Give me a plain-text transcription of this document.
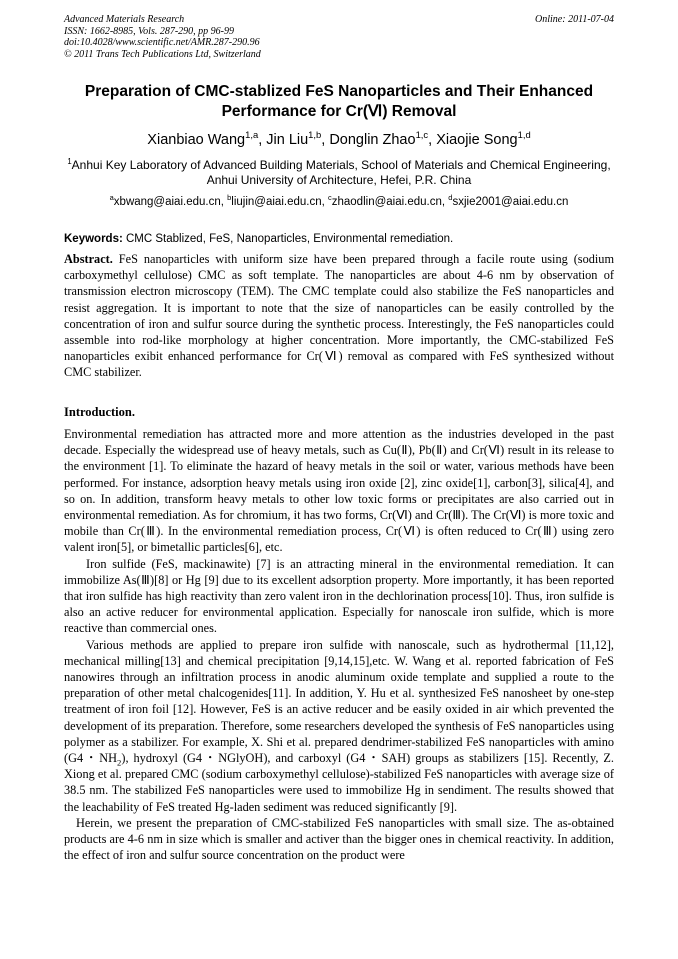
Advanced Materials Research
ISSN: 1662-8985, Vols. 287-290, pp 96-99
doi:10.4028/www.scientific.net/AMR.287-290.96
© 2011 Trans Tech Publications Ltd, Switzerland
Online: 2011-07-04
Preparation of CMC-stablized FeS Nanoparticles and Their Enhanced
Performance for Cr(Ⅵ) Removal
Xianbiao Wang$^{1,a}$, Jin Liu$^{1,b}$, Donglin Zhao$^{1,c}$, Xiaojie Song$^{1,d}$
$^1$Anhui Key Laboratory of Advanced Building Materials, School of Materials and Chemical Engineering, Anhui University of Architecture, Hefei, P.R. China
$^a$xbwang@aiai.edu.cn, $^b$liujin@aiai.edu.cn, $^c$zhaodlin@aiai.edu.cn, $^d$sxjie2001@aiai.edu.cn
Keywords: CMC Stablized, FeS, Nanoparticles, Environmental remediation.
Abstract. FeS nanoparticles with uniform size have been prepared through a facile route using (sodium carboxymethyl cellulose) CMC as soft template. The nanoparticles are about 4-6 nm by observation of transmission electron microscopy (TEM). The CMC template could also stabilize the FeS nanoparticles and resist aggregation. It is important to note that the size of nanoparticles can be easily controlled by the concentration of iron and sulfur source during the synthetic process. Interestingly, the FeS nanoparticles could assemble into rod-like morphology at higher concentration. More importantly, the CMC-stabilized FeS nanoparticles exibit enhanced performance for Cr(Ⅵ) removal as compared with FeS synthesized without CMC stabilizer.
Introduction.

Environmental remediation has attracted more and more attention as the industries developed in the past decade. Especially the widespread use of heavy metals, such as Cu(Ⅱ), Pb(Ⅱ) and Cr(Ⅵ) result in its release to the environment [1]. To eliminate the hazard of heavy metals in the soil or water, various methods have been performed. For instance, adsorption heavy metals using iron oxide [2], zinc oxide[1], carbon[3], silica[4], and so on. In addition, transform heavy metals to other low toxic forms or precipitates are also carried out in environmental remediation. As for chromium, it has two forms, Cr(Ⅵ) and Cr(Ⅲ). The Cr(Ⅵ) is more toxic and mobile than Cr(Ⅲ). In the environmental remediation process, Cr(Ⅵ) is often reduced to Cr(Ⅲ) using zero valent iron[5], or bimetallic particles[6], etc.

Iron sulfide (FeS, mackinawite) [7] is an attracting mineral in the environmental remediation. It can immobilize As(Ⅲ)[8] or Hg [9] due to its excellent adsorption property. More importantly, it has been reported that iron sulfide has high reactivity than zero valent iron in the dechlorination process[10]. Thus, iron sulfide is also an active reducer for environmental application. Especially for nanoscale iron sulfide, which is more reactive than commercial ones.

Various methods are applied to prepare iron sulfide with nanoscale, such as hydrothermal [11,12], mechanical milling[13] and chemical precipitation [9,14,15],etc. W. Wang et al. reported fabrication of FeS nanowires through an infiltration process in anodic aluminum oxide template and supplied a route to the preparation of other metal chalcogenides[11]. In addition, Y. Hu et al. synthesized FeS nanosheet by one-step treatment of iron foil [12]. However, FeS is an active reducer and be easily oxided in air which prevented the development of its preparation. Therefore, some researchers developed the synthesis of FeS nanoparticles using polymer as a stabilizer. For example, X. Shi et al. prepared dendrimer-stabilized FeS nanoparticles with amino (G4・$NH_2$), hydroxyl (G4・NGlyOH), and carboxyl (G4・SAH) groups as stabilizers [15]. Recently, Z. Xiong et al. prepared CMC (sodium carboxymethyl cellulose)-stabilized FeS nanoparticles with average size of 38.5 nm. The stabilized FeS nanoparticles were used to immobilize Hg in sendiment. The results showed that the leachability of FeS treated Hg-laden sediment was reduced significantly [9].

Herein, we present the preparation of CMC-stabilized FeS nanoparticles with small size. The as-obtained products are 4-6 nm in size which is smaller and activer than the bigger ones in chemical reactivity. In addition, the effect of iron and sulfur source concentration on the product were
